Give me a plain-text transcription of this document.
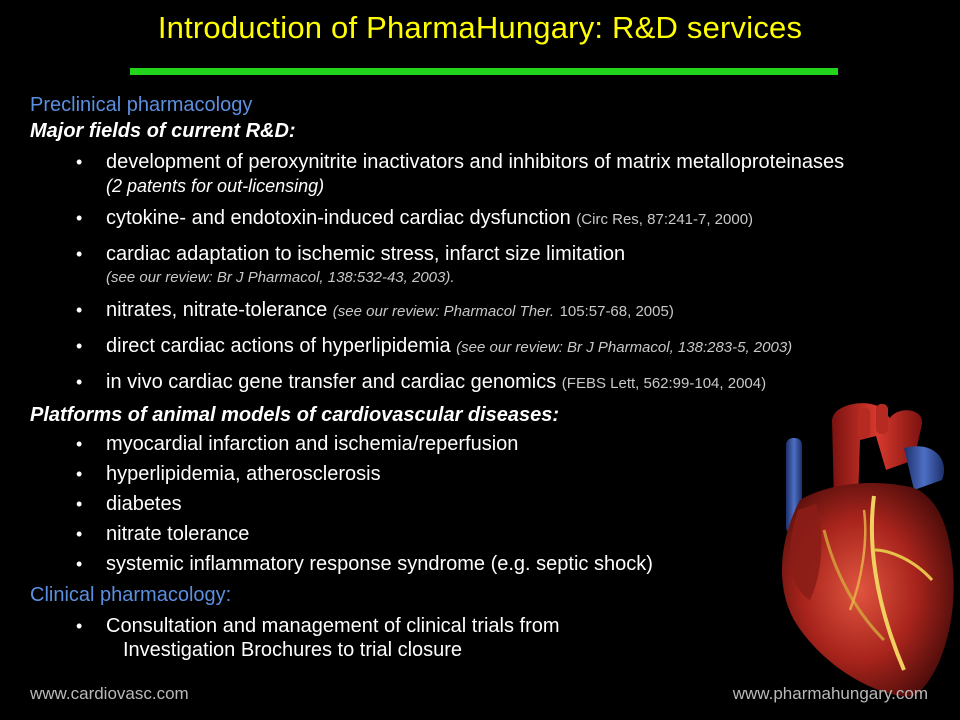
Introduction of PharmaHungary: R&D services
Preclinical pharmacology
Major fields of current R&D:
• development of peroxynitrite inactivators and inhibitors of matrix metalloproteinases
(2 patents for out-licensing)
• cytokine- and endotoxin-induced cardiac dysfunction (Circ Res, 87:241-7, 2000)
• cardiac adaptation to ischemic stress, infarct size limitation
(see our review: Br J Pharmacol, 138:532-43, 2003).
• nitrates, nitrate-tolerance (see our review: Pharmacol Ther. 105:57-68, 2005)
• direct cardiac actions of hyperlipidemia (see our review: Br J Pharmacol, 138:283-5, 2003)
• in vivo cardiac gene transfer and cardiac genomics (FEBS Lett, 562:99-104, 2004)
Platforms of animal models of cardiovascular diseases:
• myocardial infarction and ischemia/reperfusion
• hyperlipidemia, atherosclerosis
• diabetes
• nitrate tolerance
• systemic inflammatory response syndrome (e.g. septic shock)
Clinical pharmacology:
• Consultation and management of clinical trials from
Investigation Brochures to trial closure
www.cardiovasc.com	www.pharmahungary.com
